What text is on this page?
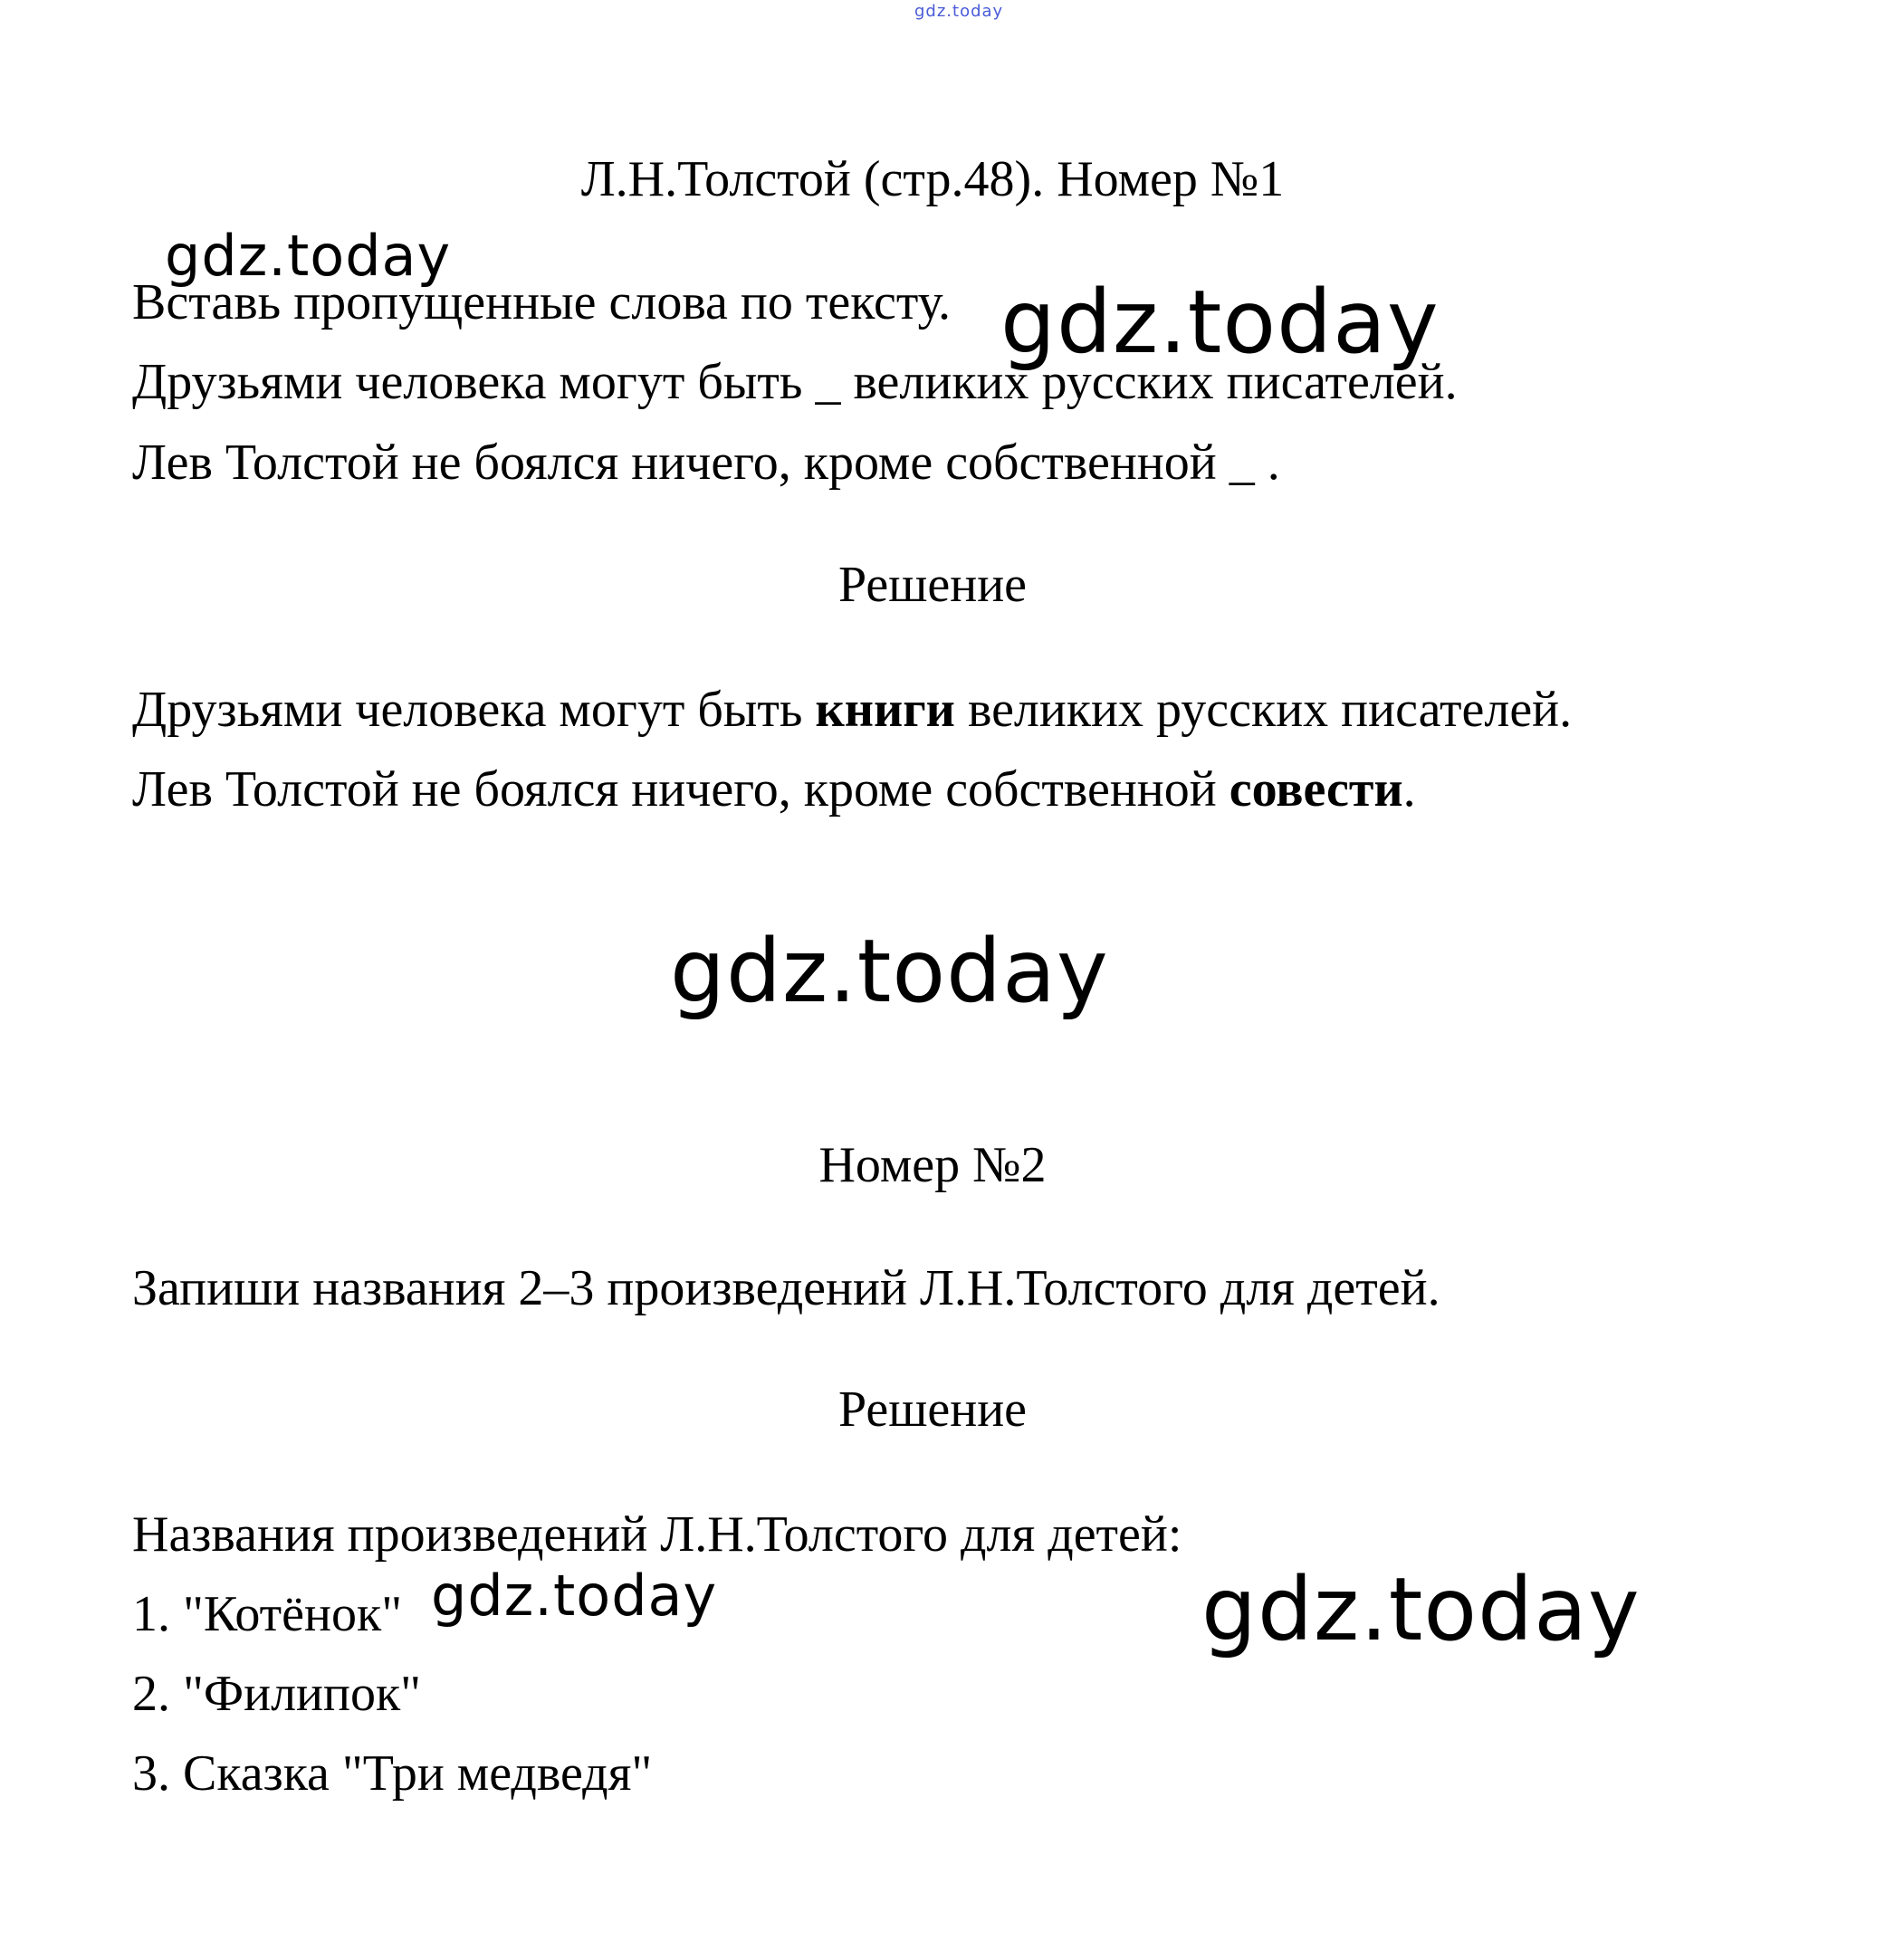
gdz.today
Л.Н.Толстой (стр.48). Номер №1
Вставь пропущенные слова по тексту.
Друзьями человека могут быть _ великих русских писателей.
Лев Толстой не боялся ничего, кроме собственной _ .
Решение
Друзьями человека могут быть книги великих русских писателей.
Лев Толстой не боялся ничего, кроме собственной совести.
Номер №2
Запиши названия 2–3 произведений Л.Н.Толстого для детей.
Решение
Названия произведений Л.Н.Толстого для детей:
1. "Котёнок"
2. "Филипок"
3. Сказка "Три медведя"
gdz.today
gdz.today
gdz.today
gdz.today	gdz.today
